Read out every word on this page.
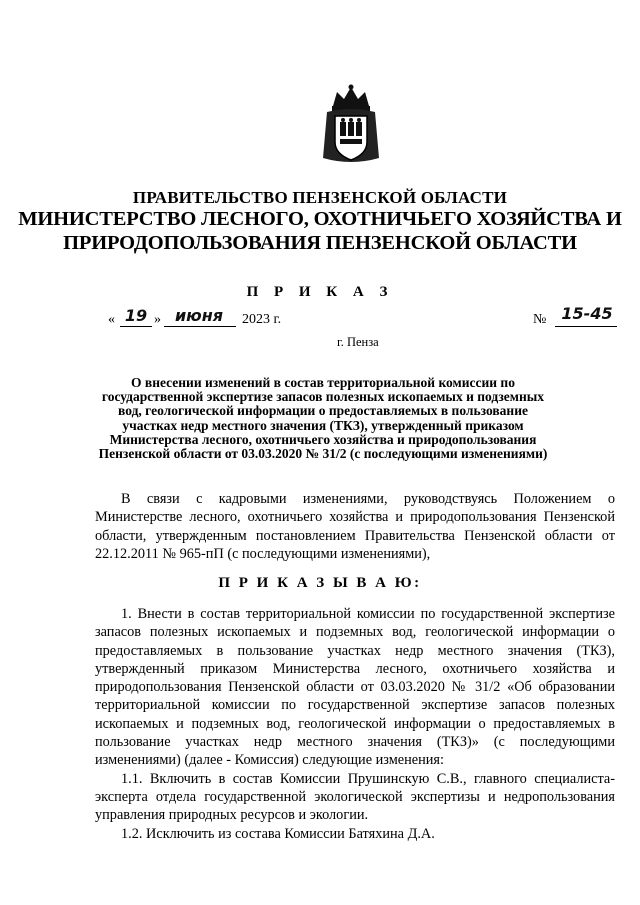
ПРАВИТЕЛЬСТВО ПЕНЗЕНСКОЙ ОБЛАСТИ
МИНИСТЕРСТВО ЛЕСНОГО, ОХОТНИЧЬЕГО ХОЗЯЙСТВА И
ПРИРОДОПОЛЬЗОВАНИЯ ПЕНЗЕНСКОЙ ОБЛАСТИ
П Р И К А З
« 19 » июня	2023 г.	№ 15-45
г. Пенза
О внесении изменений в состав территориальной комиссии по
государственной экспертизе запасов полезных ископаемых и подземных
вод, геологической информации о предоставляемых в пользование
участках недр местного значения (ТКЗ), утвержденный приказом
Министерства лесного, охотничьего хозяйства и природопользования
Пензенской области от 03.03.2020 № 31/2 (с последующими изменениями)

В связи с кадровыми изменениями, руководствуясь Положением о Министерстве лесного, охотничьего хозяйства и природопользования Пензенской области, утвержденным постановлением Правительства Пензенской области от 22.12.2011 № 965-пП (с последующими изменениями),

П Р И К А З Ы В А Ю:

1. Внести в состав территориальной комиссии по государственной экспертизе запасов полезных ископаемых и подземных вод, геологической информации о предоставляемых в пользование участках недр местного значения (ТКЗ), утвержденный приказом Министерства лесного, охотничьего хозяйства и природопользования Пензенской области от 03.03.2020 № 31/2 «Об образовании территориальной комиссии по государственной экспертизе запасов полезных ископаемых и подземных вод, геологической информации о предоставляемых в пользование участках недр местного значения (ТКЗ)» (с последующими изменениями) (далее - Комиссия) следующие изменения:

1.1. Включить в состав Комиссии Прушинскую С.В., главного специалиста-эксперта отдела государственной экологической экспертизы и недропользования управления природных ресурсов и экологии.

1.2. Исключить из состава Комиссии Батяхина Д.А.
